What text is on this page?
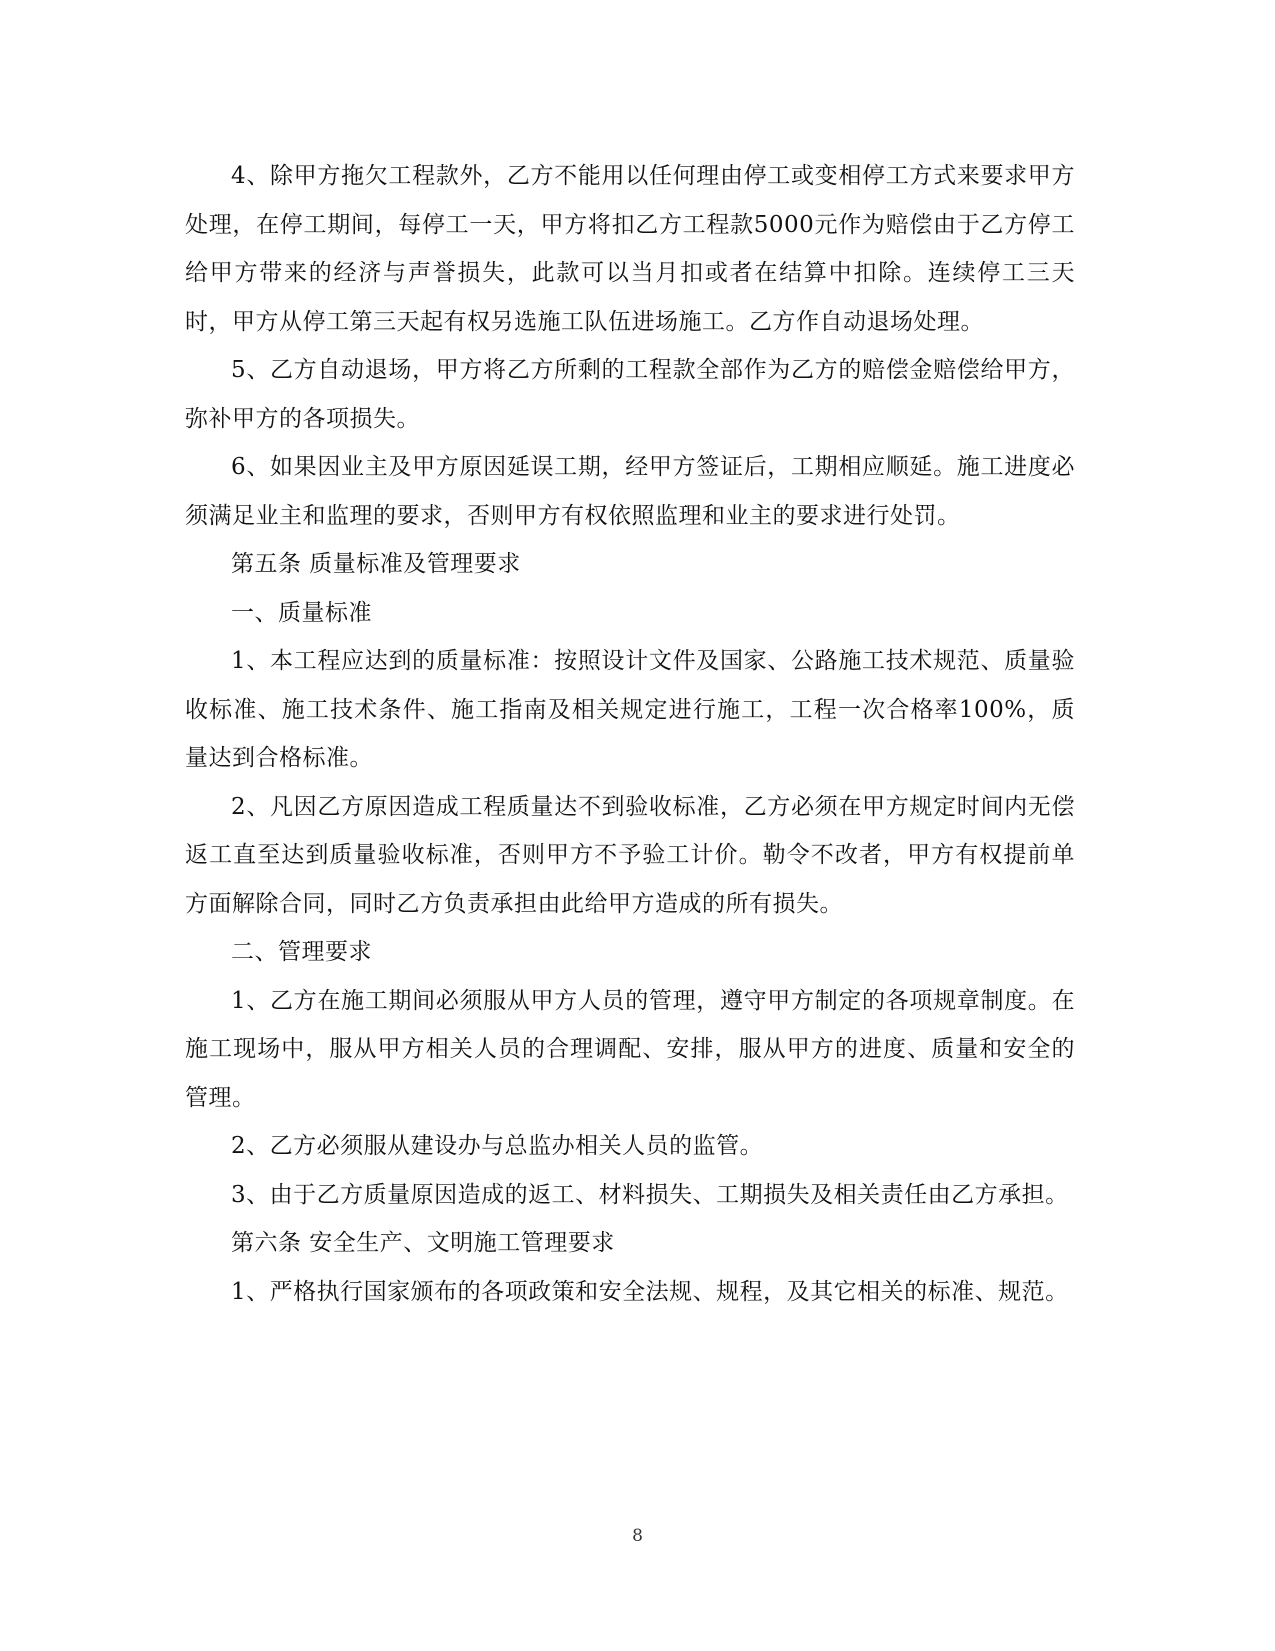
4、除甲方拖欠工程款外，乙方不能用以任何理由停工或变相停工方式来要求甲方处理，在停工期间，每停工一天，甲方将扣乙方工程款5000元作为赔偿由于乙方停工给甲方带来的经济与声誉损失，此款可以当月扣或者在结算中扣除。连续停工三天时，甲方从停工第三天起有权另选施工队伍进场施工。乙方作自动退场处理。

5、乙方自动退场，甲方将乙方所剩的工程款全部作为乙方的赔偿金赔偿给甲方，弥补甲方的各项损失。

6、如果因业主及甲方原因延误工期，经甲方签证后，工期相应顺延。施工进度必须满足业主和监理的要求，否则甲方有权依照监理和业主的要求进行处罚。

第五条 质量标准及管理要求

一、质量标准

1、本工程应达到的质量标准：按照设计文件及国家、公路施工技术规范、质量验收标准、施工技术条件、施工指南及相关规定进行施工，工程一次合格率100%，质量达到合格标准。

2、凡因乙方原因造成工程质量达不到验收标准，乙方必须在甲方规定时间内无偿返工直至达到质量验收标准，否则甲方不予验工计价。勒令不改者，甲方有权提前单方面解除合同，同时乙方负责承担由此给甲方造成的所有损失。

二、管理要求

1、乙方在施工期间必须服从甲方人员的管理，遵守甲方制定的各项规章制度。在施工现场中，服从甲方相关人员的合理调配、安排，服从甲方的进度、质量和安全的管理。

2、乙方必须服从建设办与总监办相关人员的监管。

3、由于乙方质量原因造成的返工、材料损失、工期损失及相关责任由乙方承担。

第六条 安全生产、文明施工管理要求

1、严格执行国家颁布的各项政策和安全法规、规程，及其它相关的标准、规范。

8
